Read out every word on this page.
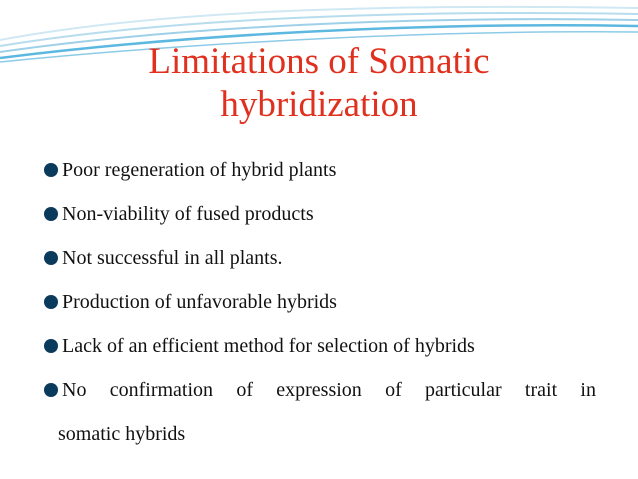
Limitations of Somatic
hybridization
Poor regeneration of hybrid plants
Non-viability of fused products
Not successful in all plants.
Production of unfavorable hybrids
Lack of an efficient method for selection of hybrids
No confirmation of expression of particular trait in
somatic hybrids
